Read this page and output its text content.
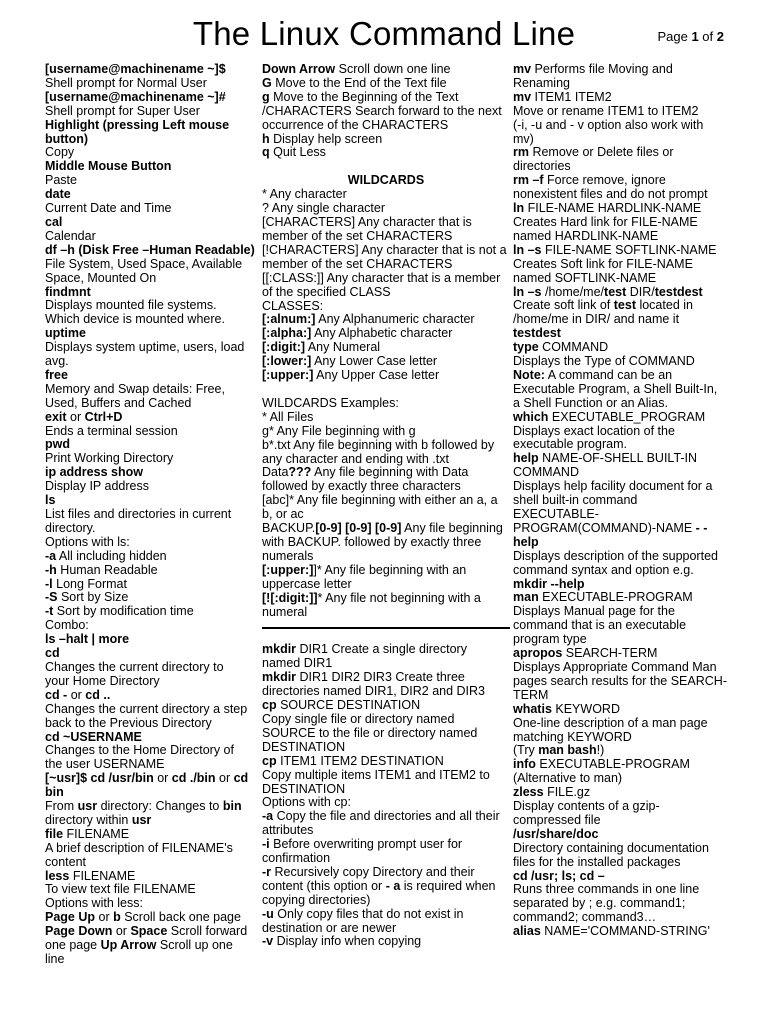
The Linux Command Line	Page 1 of 2
[username@machinename ~]$
Shell prompt for Normal User
[username@machinename ~]#
Shell prompt for Super User
Highlight (pressing Left mouse
button)
Copy
Middle Mouse Button
Paste
date
Current Date and Time
cal
Calendar
df –h (Disk Free –Human Readable)
File System, Used Space, Available
Space, Mounted On
findmnt
Displays mounted file systems.
Which device is mounted where.
uptime
Displays system uptime, users, load
avg.
free
Memory and Swap details: Free,
Used, Buffers and Cached
exit or Ctrl+D
Ends a terminal session
pwd
Print Working Directory
ip address show
Display IP address
ls
List files and directories in current
directory.
Options with ls:
-a All including hidden
-h Human Readable
-l Long Format
-S Sort by Size
-t Sort by modification time
Combo:
ls –halt | more
cd
Changes the current directory to
your Home Directory
cd - or cd ..
Changes the current directory a step
back to the Previous Directory
cd ~USERNAME
Changes to the Home Directory of
the user USERNAME
[~usr]$ cd /usr/bin or cd ./bin or cd
bin
From usr directory: Changes to bin
directory within usr
file FILENAME
A brief description of FILENAME's
content
less FILENAME
To view text file FILENAME
Options with less:
Page Up or b Scroll back one page
Page Down or Space Scroll forward
one page Up Arrow Scroll up one
line
Down Arrow Scroll down one line
G Move to the End of the Text file
g Move to the Beginning of the Text
/CHARACTERS Search forward to the next
occurrence of the CHARACTERS
h Display help screen
q Quit Less
WILDCARDS
* Any character
? Any single character
[CHARACTERS] Any character that is
member of the set CHARACTERS
[!CHARACTERS] Any character that is not a
member of the set CHARACTERS
[[:CLASS:]] Any character that is a member
of the specified CLASS
CLASSES:
[:alnum:] Any Alphanumeric character
[:alpha:] Any Alphabetic character
[:digit:] Any Numeral
[:lower:] Any Lower Case letter
[:upper:] Any Upper Case letter
WILDCARDS Examples:
* All Files
g* Any File beginning with g
b*.txt Any file beginning with b followed by
any character and ending with .txt
Data??? Any file beginning with Data
followed by exactly three characters
[abc]* Any file beginning with either an a, a
b, or ac
BACKUP.[0-9] [0-9] [0-9] Any file beginning
with BACKUP. followed by exactly three
numerals
[:upper:]]* Any file beginning with an
uppercase letter
[![:digit:]]* Any file not beginning with a
numeral
mkdir DIR1 Create a single directory
named DIR1
mkdir DIR1 DIR2 DIR3 Create three
directories named DIR1, DIR2 and DIR3
cp SOURCE DESTINATION
Copy single file or directory named
SOURCE to the file or directory named
DESTINATION
cp ITEM1 ITEM2 DESTINATION
Copy multiple items ITEM1 and ITEM2 to
DESTINATION
Options with cp:
-a Copy the file and directories and all their
attributes
-i Before overwriting prompt user for
confirmation
-r Recursively copy Directory and their
content (this option or - a is required when
copying directories)
-u Only copy files that do not exist in
destination or are newer
-v Display info when copying
mv Performs file Moving and
Renaming
mv ITEM1 ITEM2
Move or rename ITEM1 to ITEM2
(-i, -u and - v option also work with
mv)
rm Remove or Delete files or
directories
rm –f Force remove, ignore
nonexistent files and do not prompt
ln FILE-NAME HARDLINK-NAME
Creates Hard link for FILE-NAME
named HARDLINK-NAME
ln –s FILE-NAME SOFTLINK-NAME
Creates Soft link for FILE-NAME
named SOFTLINK-NAME
ln –s /home/me/test DIR/testdest
Create soft link of test located in
/home/me in DIR/ and name it
testdest
type COMMAND
Displays the Type of COMMAND
Note: A command can be an
Executable Program, a Shell Built-In,
a Shell Function or an Alias.
which EXECUTABLE_PROGRAM
Displays exact location of the
executable program.
help NAME-OF-SHELL BUILT-IN
COMMAND
Displays help facility document for a
shell built-in command
EXECUTABLE-
PROGRAM(COMMAND)-NAME - -
help
Displays description of the supported
command syntax and option e.g.
mkdir --help
man EXECUTABLE-PROGRAM
Displays Manual page for the
command that is an executable
program type
apropos SEARCH-TERM
Displays Appropriate Command Man
pages search results for the SEARCH-
TERM
whatis KEYWORD
One-line description of a man page
matching KEYWORD
(Try man bash!)
info EXECUTABLE-PROGRAM
(Alternative to man)
zless FILE.gz
Display contents of a gzip-
compressed file
/usr/share/doc
Directory containing documentation
files for the installed packages
cd /usr; ls; cd –
Runs three commands in one line
separated by ; e.g. command1;
command2; command3…
alias NAME='COMMAND-STRING'
